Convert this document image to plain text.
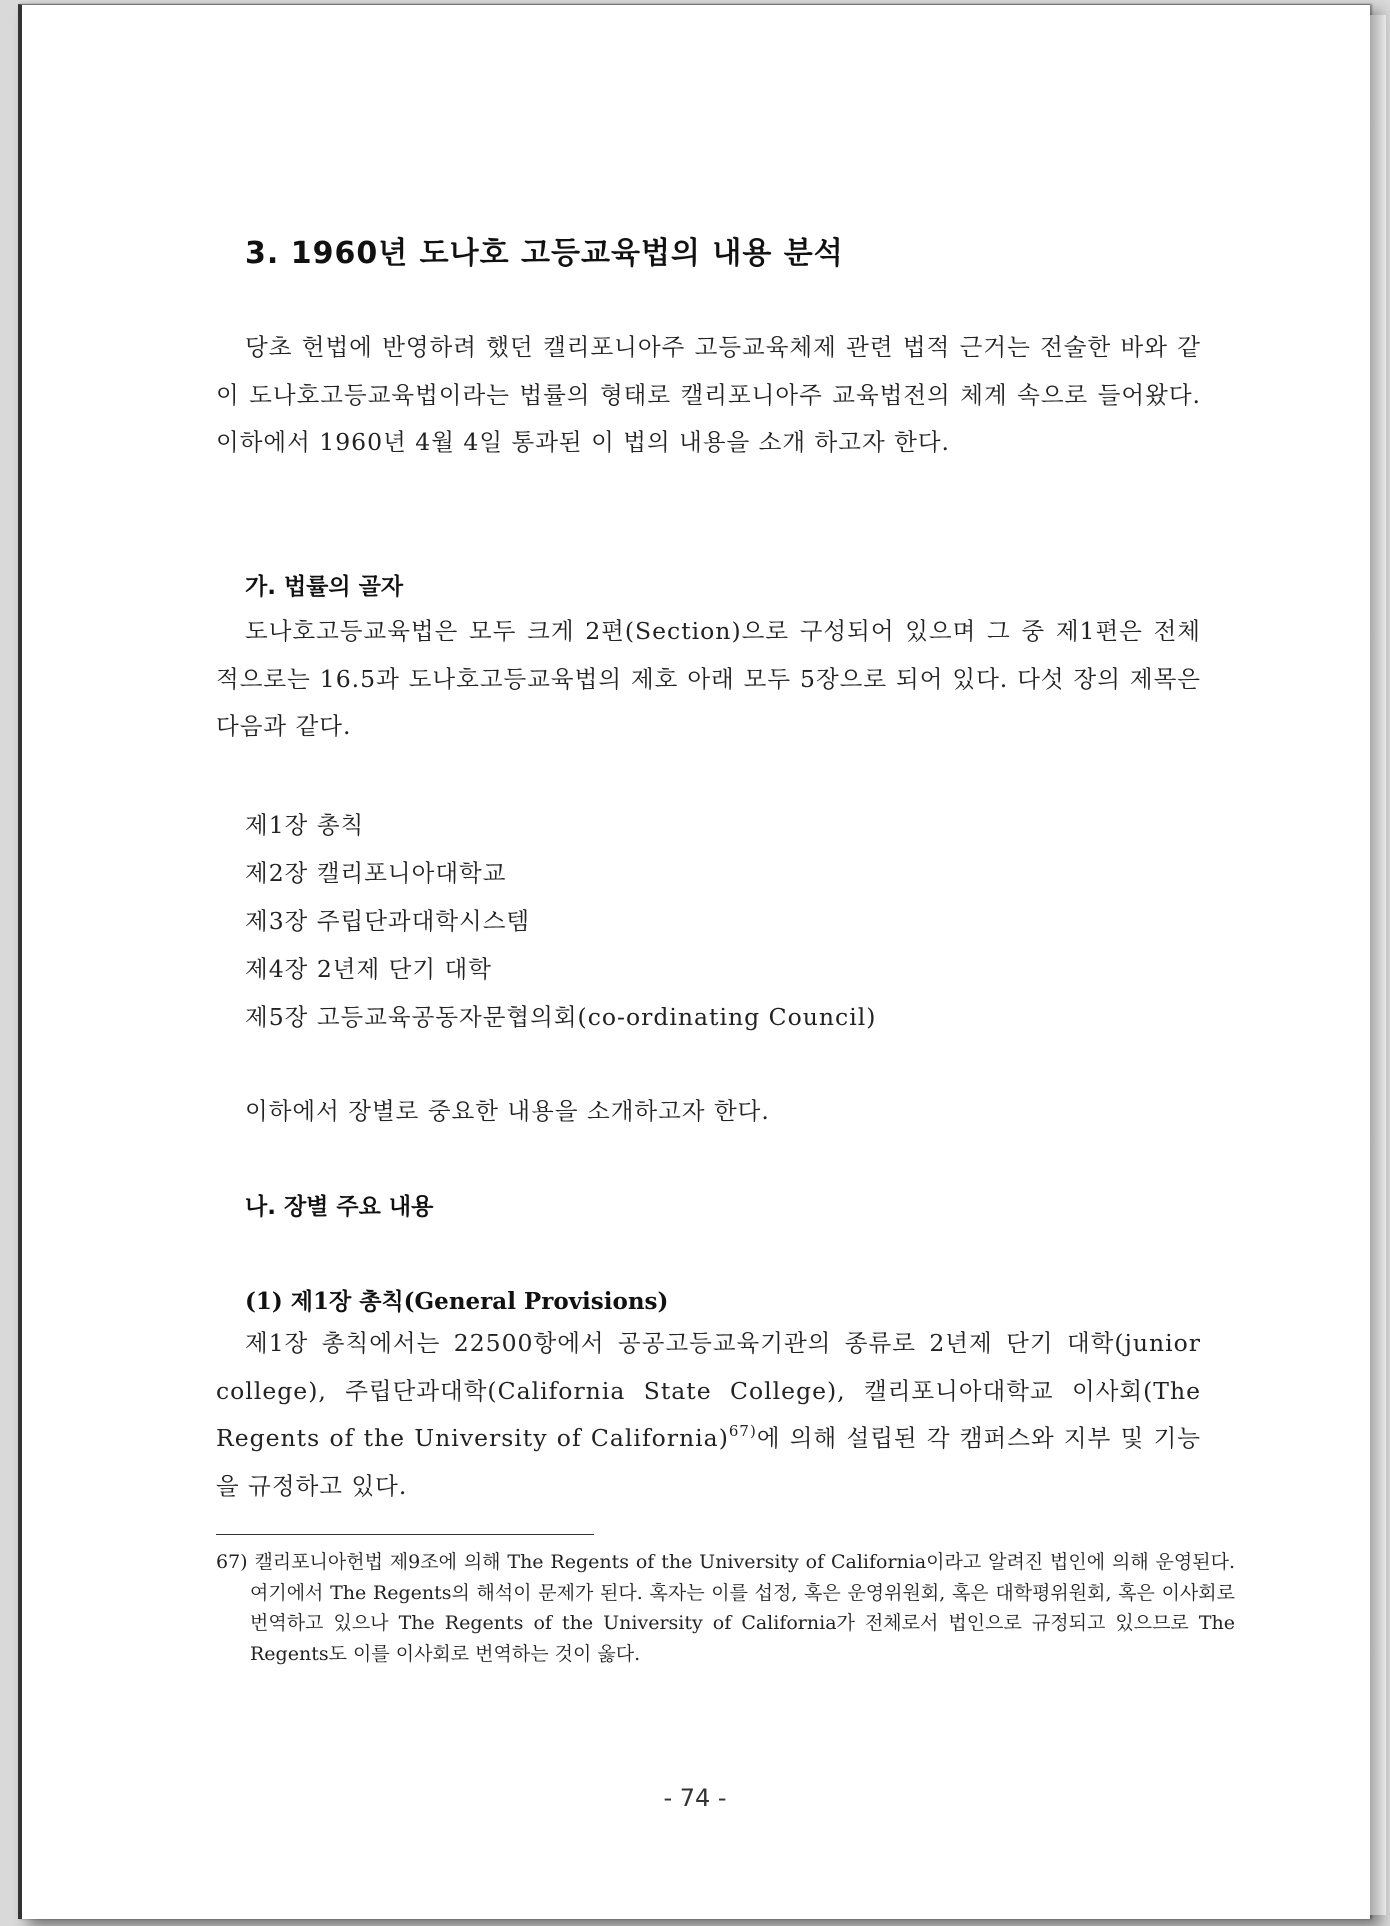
3. 1960년 도나호 고등교육법의 내용 분석
당초 헌법에 반영하려 했던 캘리포니아주 고등교육체제 관련 법적 근거는 전술한 바와 같이 도나호고등교육법이라는 법률의 형태로 캘리포니아주 교육법전의 체계 속으로 들어왔다. 이하에서 1960년 4월 4일 통과된 이 법의 내용을 소개 하고자 한다.
가. 법률의 골자
도나호고등교육법은 모두 크게 2편(Section)으로 구성되어 있으며 그 중 제1편은 전체적으로는 16.5과 도나호고등교육법의 제호 아래 모두 5장으로 되어 있다. 다섯 장의 제목은 다음과 같다.
제1장 총칙
제2장 캘리포니아대학교
제3장 주립단과대학시스템
제4장 2년제 단기 대학
제5장 고등교육공동자문협의회(co-ordinating Council)
이하에서 장별로 중요한 내용을 소개하고자 한다.
나. 장별 주요 내용
(1) 제1장 총칙(General Provisions)
제1장 총칙에서는 22500항에서 공공고등교육기관의 종류로 2년제 단기 대학(junior college), 주립단과대학(California State College), 캘리포니아대학교 이사회(The Regents of the University of California)$^{67)}$에 의해 설립된 각 캠퍼스와 지부 및 기능을 규정하고 있다.
67) 캘리포니아헌법 제9조에 의해 The Regents of the University of California이라고 알려진 법인에 의해 운영된다. 여기에서 The Regents의 해석이 문제가 된다. 혹자는 이를 섭정, 혹은 운영위원회, 혹은 대학평위원회, 혹은 이사회로 번역하고 있으나 The Regents of the University of California가 전체로서 법인으로 규정되고 있으므로 The Regents도 이를 이사회로 번역하는 것이 옳다.
- 74 -
